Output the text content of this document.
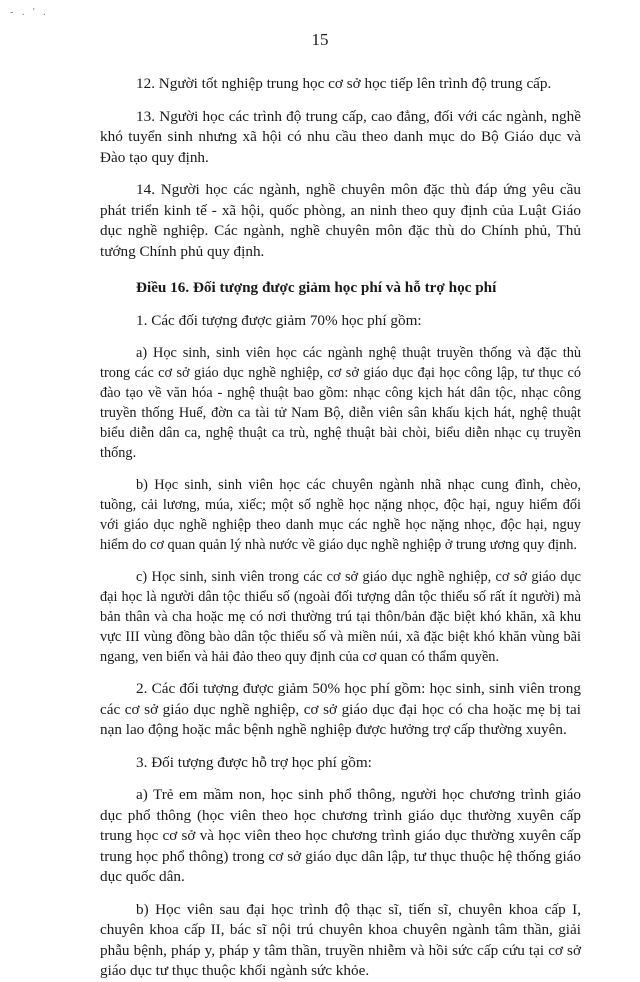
- . ' .
15

12. Người tốt nghiệp trung học cơ sở học tiếp lên trình độ trung cấp.

13. Người học các trình độ trung cấp, cao đẳng, đối với các ngành, nghề khó tuyển sinh nhưng xã hội có nhu cầu theo danh mục do Bộ Giáo dục và Đào tạo quy định.

14. Người học các ngành, nghề chuyên môn đặc thù đáp ứng yêu cầu phát triển kinh tế - xã hội, quốc phòng, an ninh theo quy định của Luật Giáo dục nghề nghiệp. Các ngành, nghề chuyên môn đặc thù do Chính phủ, Thủ tướng Chính phủ quy định.

Điều 16. Đối tượng được giảm học phí và hỗ trợ học phí

1. Các đối tượng được giảm 70% học phí gồm:

a) Học sinh, sinh viên học các ngành nghệ thuật truyền thống và đặc thù trong các cơ sở giáo dục nghề nghiệp, cơ sở giáo dục đại học công lập, tư thục có đào tạo về văn hóa - nghệ thuật bao gồm: nhạc công kịch hát dân tộc, nhạc công truyền thống Huế, đờn ca tài tử Nam Bộ, diễn viên sân khấu kịch hát, nghệ thuật biểu diễn dân ca, nghệ thuật ca trù, nghệ thuật bài chòi, biểu diễn nhạc cụ truyền thống.

b) Học sinh, sinh viên học các chuyên ngành nhã nhạc cung đình, chèo, tuồng, cải lương, múa, xiếc; một số nghề học nặng nhọc, độc hại, nguy hiểm đối với giáo dục nghề nghiệp theo danh mục các nghề học nặng nhọc, độc hại, nguy hiểm do cơ quan quản lý nhà nước về giáo dục nghề nghiệp ở trung ương quy định.

c) Học sinh, sinh viên trong các cơ sở giáo dục nghề nghiệp, cơ sở giáo dục đại học là người dân tộc thiểu số (ngoài đối tượng dân tộc thiểu số rất ít người) mà bản thân và cha hoặc mẹ có nơi thường trú tại thôn/bản đặc biệt khó khăn, xã khu vực III vùng đồng bào dân tộc thiểu số và miền núi, xã đặc biệt khó khăn vùng bãi ngang, ven biển và hải đảo theo quy định của cơ quan có thẩm quyền.

2. Các đối tượng được giảm 50% học phí gồm: học sinh, sinh viên trong các cơ sở giáo dục nghề nghiệp, cơ sở giáo dục đại học có cha hoặc mẹ bị tai nạn lao động hoặc mắc bệnh nghề nghiệp được hưởng trợ cấp thường xuyên.

3. Đối tượng được hỗ trợ học phí gồm:

a) Trẻ em mầm non, học sinh phổ thông, người học chương trình giáo dục phổ thông (học viên theo học chương trình giáo dục thường xuyên cấp trung học cơ sở và học viên theo học chương trình giáo dục thường xuyên cấp trung học phổ thông) trong cơ sở giáo dục dân lập, tư thục thuộc hệ thống giáo dục quốc dân.

b) Học viên sau đại học trình độ thạc sĩ, tiến sĩ, chuyên khoa cấp I, chuyên khoa cấp II, bác sĩ nội trú chuyên khoa chuyên ngành tâm thần, giải phẫu bệnh, pháp y, pháp y tâm thần, truyền nhiễm và hồi sức cấp cứu tại cơ sở giáo dục tư thục thuộc khối ngành sức khỏe.
